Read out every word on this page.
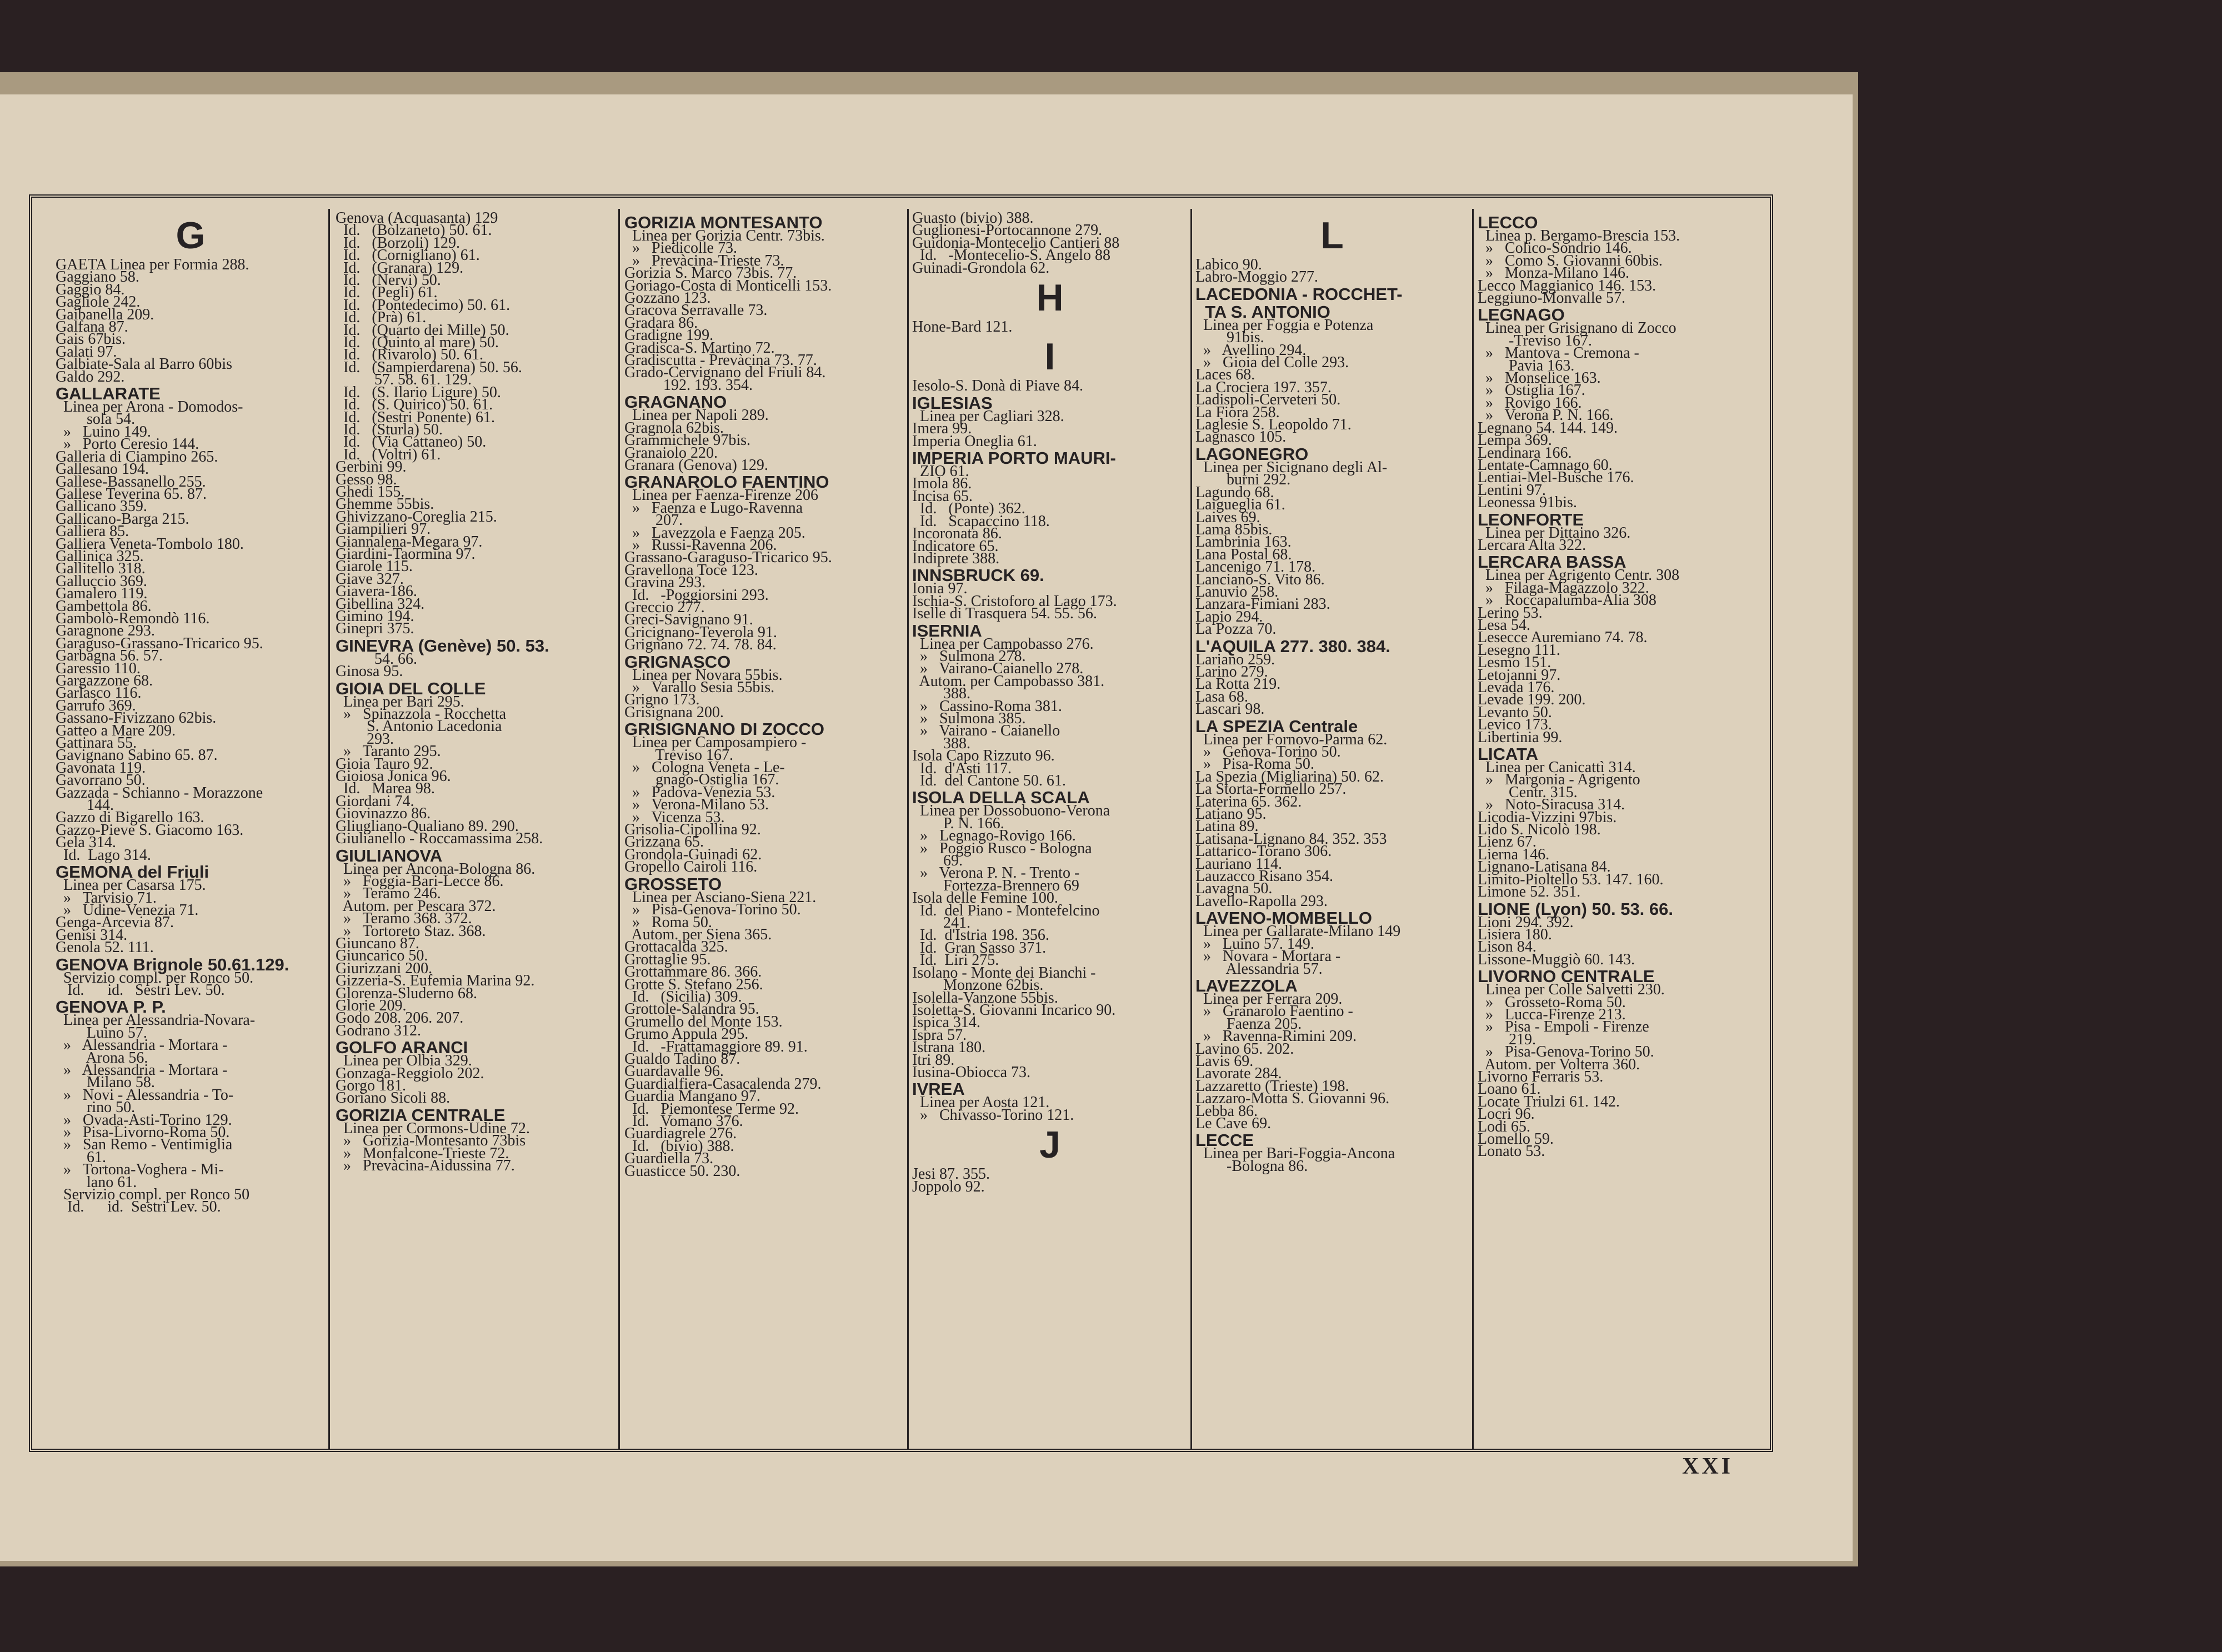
G
GAETA Linea per Formia 288.
Gaggiano 58.
Gaggio 84.
Gagliole 242.
Gaibanella 209.
Galfana 87.
Gais 67bis.
Galati 97.
Galbiate-Sala al Barro 60bis
Galdo 292.
GALLARATE
Linea per Arona - Domodos-
sola 54.
»   Luino 149.
»   Porto Ceresio 144.
Galleria di Ciampino 265.
Gallesano 194.
Gallese-Bassanello 255.
Gallese Teverina 65. 87.
Gallicano 359.
Gallicano-Barga 215.
Galliera 85.
Galliera Veneta-Tombolo 180.
Gallinica 325.
Gallitello 318.
Galluccio 369.
Gamalero 119.
Gambettola 86.
Gambolò-Remondò 116.
Garagnone 293.
Garaguso-Grassano-Tricarico 95.
Garbagna 56. 57.
Garessio 110.
Gargazzone 68.
Garlasco 116.
Garrufo 369.
Gassano-Fivizzano 62bis.
Gatteo a Mare 209.
Gattinara 55.
Gavignano Sabino 65. 87.
Gavonata 119.
Gavorrano 50.
Gazzada - Schianno - Morazzone
144.
Gazzo di Bigarello 163.
Gazzo-Pieve S. Giacomo 163.
Gela 314.
Id.  Lago 314.
GEMONA del Friuli
Linea per Casarsa 175.
»   Tarvisio 71.
»   Udine-Venezia 71.
Genga-Arcevia 87.
Genisi 314.
Genola 52. 111.
GENOVA Brignole 50.61.129.
Servizio compl. per Ronco 50.
Id.      id.   Sestri Lev. 50.
GENOVA P. P.
Linea per Alessandria-Novara-
Luino 57.
»   Alessandria - Mortara -
Arona 56.
»   Alessandria - Mortara -
Milano 58.
»   Novi - Alessandria - To-
rino 50.
»   Ovada-Asti-Torino 129.
»   Pisa-Livorno-Roma 50.
»   San Remo - Ventimiglia
61.
»   Tortona-Voghera - Mi-
lano 61.
Servizio compl. per Ronco 50
Id.      id.  Sestri Lev. 50.
Genova (Acquasanta) 129
Id.   (Bolzaneto) 50. 61.
Id.   (Borzoli) 129.
Id.   (Cornigliano) 61.
Id.   (Granara) 129.
Id.   (Nervi) 50.
Id.   (Pegli) 61.
Id.   (Pontedecimo) 50. 61.
Id.   (Prà) 61.
Id.   (Quarto dei Mille) 50.
Id.   (Quinto al mare) 50.
Id.   (Rivarolo) 50. 61.
Id.   (Sampierdarena) 50. 56.
57. 58. 61. 129.
Id.   (S. Ilario Ligure) 50.
Id.   (S. Quirico) 50. 61.
Id.   (Sestri Ponente) 61.
Id.   (Sturla) 50.
Id.   (Via Cattaneo) 50.
Id.   (Voltri) 61.
Gerbini 99.
Gesso 98.
Ghedi 155.
Ghemme 55bis.
Ghivizzano-Coreglia 215.
Giampilieri 97.
Giannalena-Megara 97.
Giardini-Taormina 97.
Giarole 115.
Giave 327.
Giavera-186.
Gibellina 324.
Gimino 194.
Ginepri 375.
GINEVRA (Genève) 50. 53.
54. 66.
Ginosa 95.
GIOIA DEL COLLE
Linea per Bari 295.
»   Spinazzola - Rocchetta
S. Antonio Lacedonia
293.
»   Taranto 295.
Gioia Tauro 92.
Gioiosa Jonica 96.
Id.   Marea 98.
Giordani 74.
Giovinazzo 86.
Gliugliano-Qualiano 89. 290.
Giulianello - Roccamassima 258.
GIULIANOVA
Linea per Ancona-Bologna 86.
»   Foggia-Bari-Lecce 86.
»   Teramo 246.
Autom. per Pescara 372.
»   Teramo 368. 372.
»   Tortoreto Staz. 368.
Giuncano 87.
Giuncarico 50.
Giurizzani 200.
Gizzeria-S. Eufemia Marina 92.
Glorenza-Sluderno 68.
Glorie 209.
Godo 208. 206. 207.
Godrano 312.
GOLFO ARANCI
Linea per Olbia 329.
Gonzaga-Reggiolo 202.
Gorgo 181.
Goriano Sicoli 88.
GORIZIA CENTRALE
Linea per Cormons-Udine 72.
»   Gorizia-Montesanto 73bis
»   Monfalcone-Trieste 72.
»   Prevàcina-Aidussina 77.
GORIZIA MONTESANTO
Linea per Gorizia Centr. 73bis.
»   Piedicolle 73.
»   Prevàcina-Trieste 73.
Gorizia S. Marco 73bis. 77.
Goriago-Costa di Monticelli 153.
Gozzano 123.
Gracova Serravalle 73.
Gradara 86.
Gradigne 199.
Gradisca-S. Martino 72.
Gradiscutta - Prevàcina 73. 77.
Grado-Cervignano del Friuli 84.
192. 193. 354.
GRAGNANO
Linea per Napoli 289.
Gragnola 62bis.
Grammichele 97bis.
Granaiolo 220.
Granara (Genova) 129.
GRANAROLO FAENTINO
Linea per Faenza-Firenze 206
»   Faenza e Lugo-Ravenna
207.
»   Lavezzola e Faenza 205.
»   Russi-Ravenna 206.
Grassano-Garaguso-Tricarico 95.
Gravellona Toce 123.
Gravina 293.
Id.   -Poggiorsini 293.
Greccio 277.
Greci-Savignano 91.
Gricignano-Teverola 91.
Grignano 72. 74. 78. 84.
GRIGNASCO
Linea per Novara 55bis.
»   Varallo Sesia 55bis.
Grigno 173.
Grisignana 200.
GRISIGNANO DI ZOCCO
Linea per Camposampiero -
Treviso 167.
»   Cologna Veneta - Le-
gnago-Ostiglia 167.
»   Padova-Venezia 53.
»   Verona-Milano 53.
»   Vicenza 53.
Grisolia-Cipollina 92.
Grizzana 65.
Grondola-Guinadi 62.
Gropello Cairoli 116.
GROSSETO
Linea per Asciano-Siena 221.
»   Pisa-Genova-Torino 50.
»   Roma 50.
Autom. per Siena 365.
Grottacalda 325.
Grottaglie 95.
Grottammare 86. 366.
Grotte S. Stefano 256.
Id.   (Sicilia) 309.
Grottole-Salandra 95.
Grumello del Monte 153.
Grumo Appula 295.
Id.   -Frattamaggiore 89. 91.
Gualdo Tadino 87.
Guardavalle 96.
Guardialfiera-Casacalenda 279.
Guardia Mangano 97.
Id.   Piemontese Terme 92.
Id.   Vomano 376.
Guardiagrele 276.
Id.   (bivio) 388.
Guardiella 73.
Guasticce 50. 230.
Guasto (bivio) 388.
Guglionesi-Portocannone 279.
Guidonia-Montecelio Cantieri 88
Id.   -Montecelio-S. Angelo 88
Guinadi-Grondola 62.
H
Hone-Bard 121.
I
Iesolo-S. Donà di Piave 84.
IGLESIAS
Linea per Cagliari 328.
Imera 99.
Imperia Oneglia 61.
IMPERIA PORTO MAURI-
ZIO 61.
Imola 86.
Incisa 65.
Id.   (Ponte) 362.
Id.   Scapaccino 118.
Incoronata 86.
Indicatore 65.
Indiprete 388.
INNSBRUCK 69.
Ionia 97.
Ischia-S. Cristoforo al Lago 173.
Iselle di Trasquera 54. 55. 56.
ISERNIA
Linea per Campobasso 276.
»   Sulmona 278.
»   Vairano-Caianello 278.
Autom. per Campobasso 381.
388.
»   Cassino-Roma 381.
»   Sulmona 385.
»   Vairano - Caianello
388.
Isola Capo Rizzuto 96.
Id.  d'Asti 117.
Id.  del Cantone 50. 61.
ISOLA DELLA SCALA
Linea per Dossobuono-Verona
P. N. 166.
»   Legnago-Rovigo 166.
»   Poggio Rusco - Bologna
69.
»   Verona P. N. - Trento -
Fortezza-Brennero 69
Isola delle Femine 100.
Id.  del Piano - Montefelcino
241.
Id.  d'Istria 198. 356.
Id.  Gran Sasso 371.
Id.  Liri 275.
Isolano - Monte dei Bianchi -
Monzone 62bis.
Isolella-Vanzone 55bis.
Isoletta-S. Giovanni Incarico 90.
Ispica 314.
Ispra 57.
Istrana 180.
Itri 89.
Iusina-Obiocca 73.
IVREA
Linea per Aosta 121.
»   Chivasso-Torino 121.
J
Jesi 87. 355.
Joppolo 92.
L
Labico 90.
Labro-Moggio 277.
LACEDONIA - ROCCHET-
TA S. ANTONIO
Linea per Foggia e Potenza
91bis.
»   Avellino 294.
»   Gioia del Colle 293.
Laces 68.
La Crociera 197. 357.
Ladispoli-Cerveteri 50.
La Fiora 258.
Laglesie S. Leopoldo 71.
Lagnasco 105.
LAGONEGRO
Linea per Sicignano degli Al-
burni 292.
Lagundo 68.
Laigueglia 61.
Laives 69.
Lama 85bis.
Lambrinia 163.
Lana Postal 68.
Lancenigo 71. 178.
Lanciano-S. Vito 86.
Lanuvio 258.
Lanzara-Fimiani 283.
Lapio 294.
La Pozza 70.
L'AQUILA 277. 380. 384.
Lariano 259.
Larino 279.
La Rotta 219.
Lasa 68.
Lascari 98.
LA SPEZIA Centrale
Linea per Fornovo-Parma 62.
»   Genova-Torino 50.
»   Pisa-Roma 50.
La Spezia (Migliarina) 50. 62.
La Storta-Formello 257.
Laterina 65. 362.
Latiano 95.
Latina 89.
Latisana-Lignano 84. 352. 353
Lattarico-Torano 306.
Lauriano 114.
Lauzacco Risano 354.
Lavagna 50.
Lavello-Rapolla 293.
LAVENO-MOMBELLO
Linea per Gallarate-Milano 149
»   Luino 57. 149.
»   Novara - Mortara -
Alessandria 57.
LAVEZZOLA
Linea per Ferrara 209.
»   Granarolo Faentino -
Faenza 205.
»   Ravenna-Rimini 209.
Lavino 65. 202.
Lavis 69.
Lavorate 284.
Lazzaretto (Trieste) 198.
Lazzaro-Motta S. Giovanni 96.
Lebba 86.
Le Cave 69.
LECCE
Linea per Bari-Foggia-Ancona
-Bologna 86.
LECCO
Linea p. Bergamo-Brescia 153.
»   Colico-Sondrio 146.
»   Como S. Giovanni 60bis.
»   Monza-Milano 146.
Lecco Maggianico 146. 153.
Leggiuno-Monvalle 57.
LEGNAGO
Linea per Grisignano di Zocco
-Treviso 167.
»   Mantova - Cremona -
Pavia 163.
»   Monselice 163.
»   Ostiglia 167.
»   Rovigo 166.
»   Verona P. N. 166.
Legnano 54. 144. 149.
Lempa 369.
Lendinara 166.
Lentate-Camnago 60.
Lentiai-Mel-Busche 176.
Lentini 97.
Leonessa 91bis.
LEONFORTE
Linea per Dittaino 326.
Lercara Alta 322.
LERCARA BASSA
Linea per Agrigento Centr. 308
»   Filaga-Magazzolo 322.
»   Roccapalumba-Alia 308
Lerino 53.
Lesa 54.
Lesecce Auremiano 74. 78.
Lesegno 111.
Lesmo 151.
Letojanni 97.
Levada 176.
Levade 199. 200.
Levanto 50.
Levico 173.
Libertinia 99.
LICATA
Linea per Canicattì 314.
»   Margonia - Agrigento
Centr. 315.
»   Noto-Siracusa 314.
Licodia-Vizzini 97bis.
Lido S. Nicolò 198.
Lienz 67.
Lierna 146.
Lignano-Latisana 84.
Limito-Pioltello 53. 147. 160.
Limone 52. 351.
LIONE (Lyon) 50. 53. 66.
Lioni 294. 392.
Lisiera 180.
Lison 84.
Lissone-Muggiò 60. 143.
LIVORNO CENTRALE
Linea per Colle Salvetti 230.
»   Grosseto-Roma 50.
»   Lucca-Firenze 213.
»   Pisa - Empoli - Firenze
219.
»   Pisa-Genova-Torino 50.
Autom. per Volterra 360.
Livorno Ferraris 53.
Loano 61.
Locate Triulzi 61. 142.
Locri 96.
Lodi 65.
Lomello 59.
Lonato 53.
XXI
